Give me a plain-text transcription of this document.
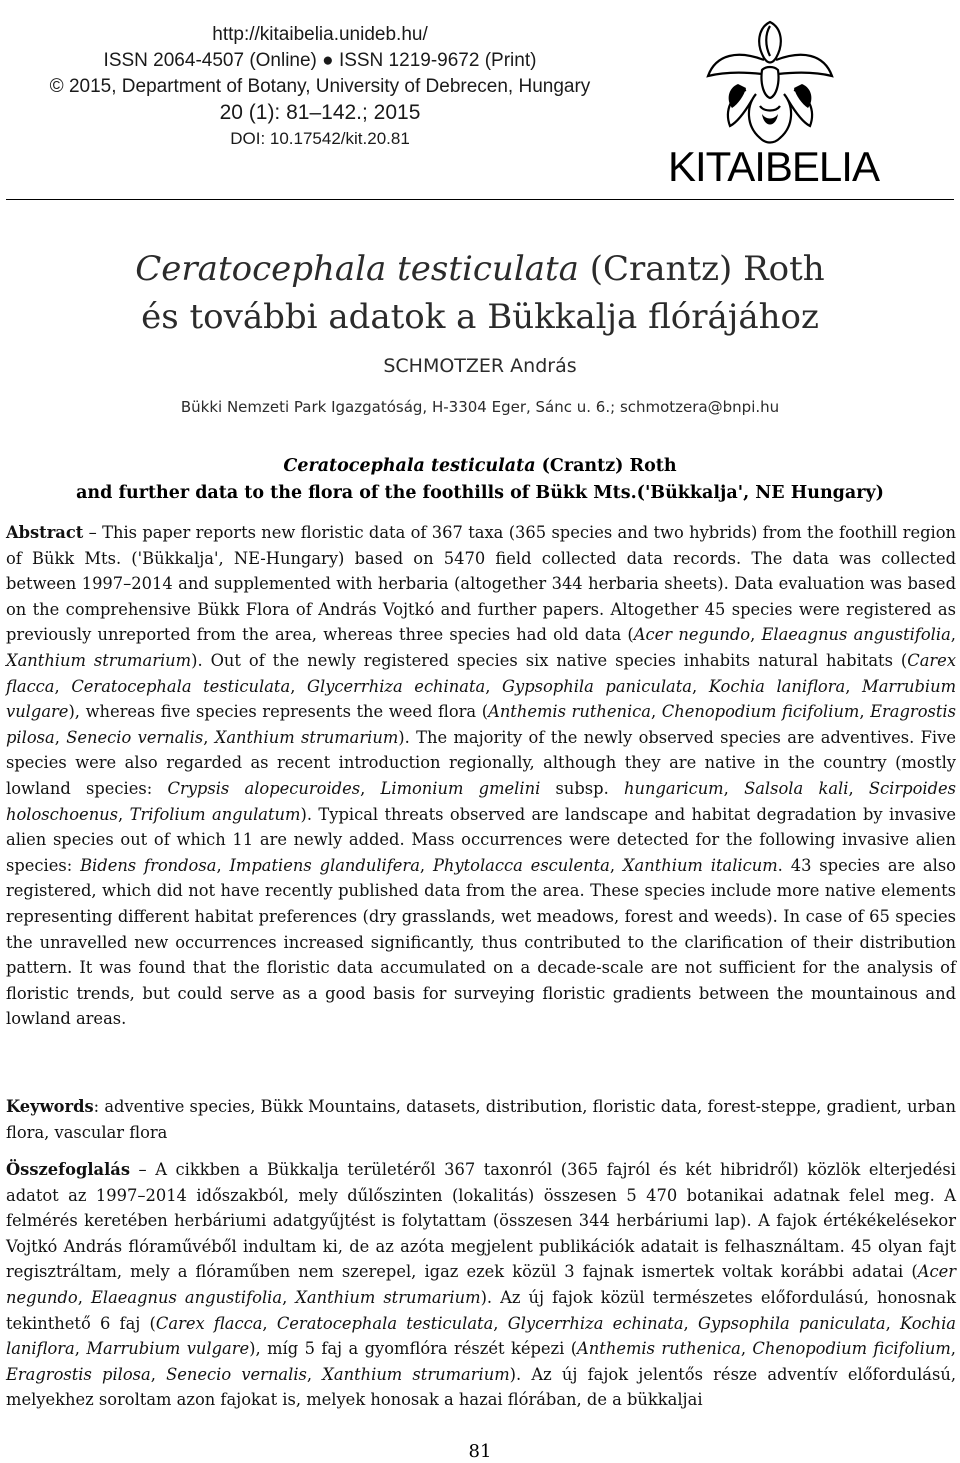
http://kitaibelia.unideb.hu/
ISSN 2064-4507 (Online) ● ISSN 1219-9672 (Print)
© 2015, Department of Botany, University of Debrecen, Hungary
20 (1): 81–142.; 2015
DOI: 10.17542/kit.20.81
KITAIBELIA
Ceratocephala testiculata (Crantz) Roth
és további adatok a Bükkalja flórájához
SCHMOTZER András
Bükki Nemzeti Park Igazgatóság, H-3304 Eger, Sánc u. 6.; schmotzera@bnpi.hu
Ceratocephala testiculata (Crantz) Roth
and further data to the flora of the foothills of Bükk Mts.('Bükkalja', NE Hungary)
Abstract – This paper reports new floristic data of 367 taxa (365 species and two hybrids) from the foothill region of Bükk Mts. ('Bükkalja', NE-Hungary) based on 5470 field collected data records. The data was collected between 1997–2014 and supplemented with herbaria (altogether 344 herbaria sheets). Data evaluation was based on the comprehensive Bükk Flora of András Vojtkó and further papers. Altogether 45 species were registered as previously unreported from the area, whereas three species had old data (Acer negundo, Elaeagnus angustifolia, Xanthium strumarium). Out of the newly registered species six native species inhabits natural habitats (Carex flacca, Ceratocephala testiculata, Glycerrhiza echinata, Gypsophila paniculata, Kochia laniflora, Marrubium vulgare), whereas five species represents the weed flora (Anthemis ruthenica, Chenopodium ficifolium, Eragrostis pilosa, Senecio vernalis, Xanthium strumarium). The majority of the newly observed species are adventives. Five species were also regarded as recent introduction regionally, although they are native in the country (mostly lowland species: Crypsis alopecuroides, Limonium gmelini subsp. hungaricum, Salsola kali, Scirpoides holoschoenus, Trifolium angulatum). Typical threats observed are landscape and habitat degradation by invasive alien species out of which 11 are newly added. Mass occurrences were detected for the following invasive alien species: Bidens frondosa, Impatiens glandulifera, Phytolacca esculenta, Xanthium italicum. 43 species are also registered, which did not have recently published data from the area. These species include more native elements representing different habitat preferences (dry grasslands, wet meadows, forest and weeds). In case of 65 species the unravelled new occurrences increased significantly, thus contributed to the clarification of their distribution pattern. It was found that the floristic data accumulated on a decade-scale are not sufficient for the analysis of floristic trends, but could serve as a good basis for surveying floristic gradients between the mountainous and lowland areas.
Keywords: adventive species, Bükk Mountains, datasets, distribution, floristic data, forest-steppe, gradient, urban flora, vascular flora
Összefoglalás – A cikkben a Bükkalja területéről 367 taxonról (365 fajról és két hibridről) közlök elterjedési adatot az 1997–2014 időszakból, mely dűlőszinten (lokalitás) összesen 5 470 botanikai adatnak felel meg. A felmérés keretében herbáriumi adatgyűjtést is folytattam (összesen 344 herbáriumi lap). A fajok értékékelésekor Vojtkó András flóraművéből indultam ki, de az azóta megjelent publikációk adatait is felhasználtam. 45 olyan fajt regisztráltam, mely a flóraműben nem szerepel, igaz ezek közül 3 fajnak ismertek voltak korábbi adatai (Acer negundo, Elaeagnus angustifolia, Xanthium strumarium). Az új fajok közül természetes előfordulású, honosnak tekinthető 6 faj (Carex flacca, Ceratocephala testiculata, Glycerrhiza echinata, Gypsophila paniculata, Kochia laniflora, Marrubium vulgare), míg 5 faj a gyomflóra részét képezi (Anthemis ruthenica, Chenopodium ficifolium, Eragrostis pilosa, Senecio vernalis, Xanthium strumarium). Az új fajok jelentős része adventív előfordulású, melyekhez soroltam azon fajokat is, melyek honosak a hazai flórában, de a bükkaljai
81
